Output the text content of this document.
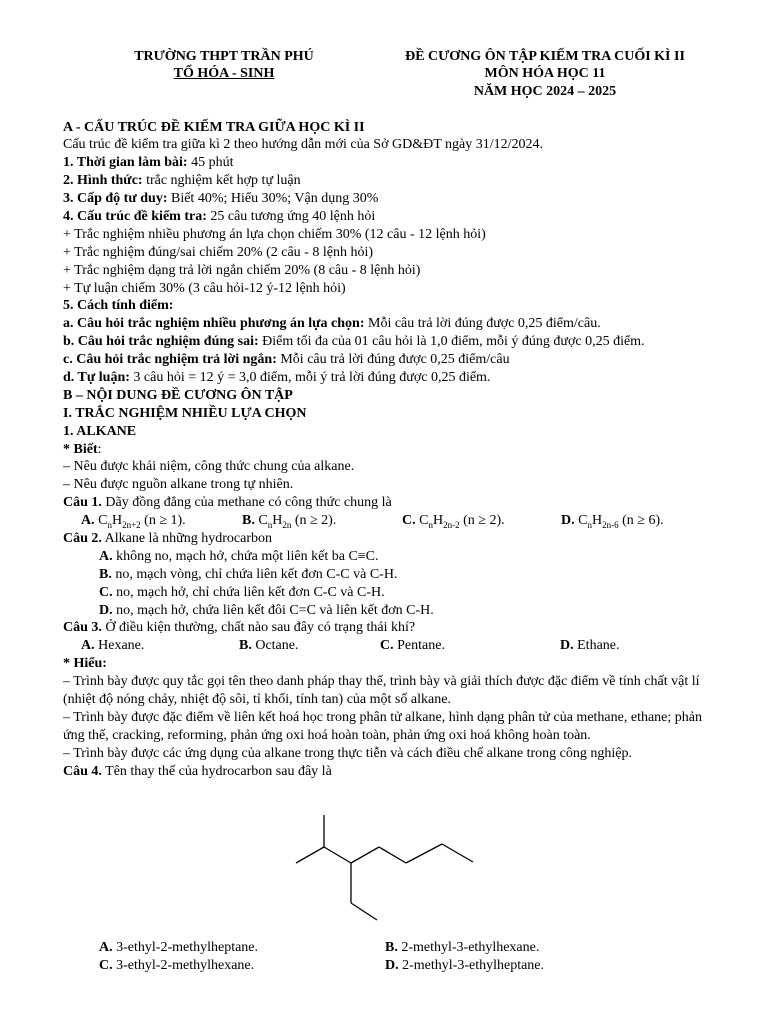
TRƯỜNG THPT TRẦN PHÚ
TỔ HÓA - SINH
ĐỀ CƯƠNG ÔN TẬP KIẾM TRA CUỐI KÌ II
MÔN HÓA HỌC 11
NĂM HỌC 2024 – 2025
A - CẤU TRÚC ĐỀ KIẾM TRA GIỮA HỌC KÌ II
Cấu trúc đề kiểm tra giữa kì 2 theo hướng dẫn mới của Sở GD&ĐT ngày 31/12/2024.
1. Thời gian làm bài: 45 phút
2. Hình thức: trắc nghiệm kết hợp tự luận
3. Cấp độ tư duy: Biết 40%; Hiểu 30%; Vận dụng 30%
4. Cấu trúc đề kiểm tra: 25 câu tương ứng 40 lệnh hỏi
+ Trắc nghiệm nhiều phương án lựa chọn chiếm 30% (12 câu - 12 lệnh hỏi)
+ Trắc nghiệm đúng/sai chiếm 20% (2 câu - 8 lệnh hỏi)
+ Trắc nghiệm dạng trả lời ngắn chiếm 20% (8 câu - 8 lệnh hỏi)
+ Tự luận chiếm 30% (3 câu hỏi-12 ý-12 lệnh hỏi)
5. Cách tính điểm:
a. Câu hỏi trắc nghiệm nhiều phương án lựa chọn: Mỗi câu trả lời đúng được 0,25 điểm/câu.
b. Câu hỏi trắc nghiệm đúng sai: Điểm tối đa của 01 câu hỏi là 1,0 điểm, mỗi ý đúng được 0,25 điểm.
c. Câu hỏi trắc nghiệm trả lời ngắn: Mỗi câu trả lời đúng được 0,25 điểm/câu
d. Tự luận: 3 câu hỏi = 12 ý = 3,0 điểm, mỗi ý trả lời đúng được 0,25 điểm.
B – NỘI DUNG ĐỀ CƯƠNG ÔN TẬP
I. TRẮC NGHIỆM NHIỀU LỰA CHỌN
1. ALKANE
* Biết:
– Nêu được khái niệm, công thức chung của alkane.
– Nêu được nguồn alkane trong tự nhiên.
Câu 1. Dãy đồng đẳng của methane có công thức chung là
A. $C_nH_{2n+2}$ (n ≥ 1).	B. $C_nH_{2n}$ (n ≥ 2).	C. $C_nH_{2n-2}$ (n ≥ 2).	D. $C_nH_{2n-6}$ (n ≥ 6).
Câu 2. Alkane là những hydrocarbon
A. không no, mạch hở, chứa một liên kết ba C≡C.
B. no, mạch vòng, chỉ chứa liên kết đơn C-C và C-H.
C. no, mạch hở, chỉ chứa liên kết đơn C-C và C-H.
D. no, mạch hở, chứa liên kết đôi C=C và liên kết đơn C-H.
Câu 3. Ở điều kiện thường, chất nào sau đây có trạng thái khí?
A. Hexane.	B. Octane.	C. Pentane.	D. Ethane.
* Hiểu:
– Trình bày được quy tắc gọi tên theo danh pháp thay thế, trình bày và giải thích được đặc điểm về tính chất vật lí (nhiệt độ nóng chảy, nhiệt độ sôi, tỉ khối, tính tan) của một số alkane.
– Trình bày được đặc điểm về liên kết hoá học trong phân tử alkane, hình dạng phân tử của methane, ethane; phản ứng thế, cracking, reforming, phản ứng oxi hoá hoàn toàn, phản ứng oxi hoá không hoàn toàn.
– Trình bày được các ứng dụng của alkane trong thực tiễn và cách điều chế alkane trong công nghiệp.
Câu 4. Tên thay thế của hydrocarbon sau đây là
A. 3-ethyl-2-methylheptane.	B. 2-methyl-3-ethylhexane.
C. 3-ethyl-2-methylhexane.	D. 2-methyl-3-ethylheptane.
